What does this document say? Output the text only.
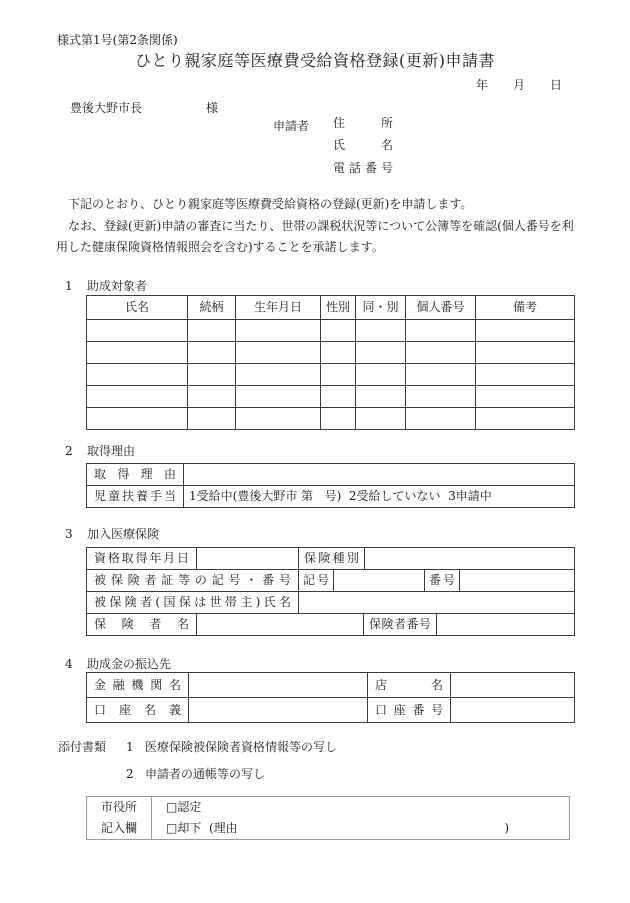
様式第1号(第2条関係)
ひとり親家庭等医療費受給資格登録(更新)申請書
年月日
豊後大野市長	様
申請者 住所
氏名
電話番号

下記のとおり、ひとり親家庭等医療費受給資格の登録(更新)を申請します。

なお、登録(更新)申請の審査に当たり、世帯の課税状況等について公簿等を確認(個人番号を利用した健康保険資格情報照会を含む)することを承諾します。

1	助成対象者
氏名	続柄	生年月日	性別	同・別	個人番号	備考
2	取得理由
取得理由
児童扶養手当	1受給中(豊後大野市 第   号)  2受給していない  3申請中
3	加入医療保険
資格取得年月日	保険種別
被保険者証等の記号・番号	記号	番号
被保険者(国保は世帯主)氏名
保険者名	保険者番号
4	助成金の振込先
金融機関名	店名
口座名義	口座番号
添付書類	1 医療保険被保険者資格情報等の写し
2 申請者の通帳等の写し
市役所
記入欄
□認定
□却下  (理由	)
